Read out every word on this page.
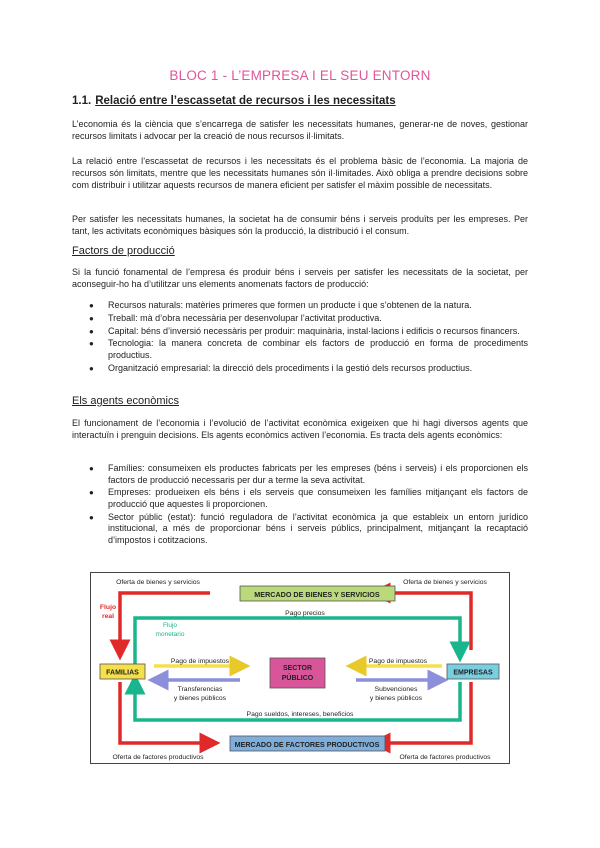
BLOC 1 - L’EMPRESA I EL SEU ENTORN
1.1. Relació entre l’escassetat de recursos i les necessitats
L’economia és la ciència que s’encarrega de satisfer les necessitats humanes, generar-ne de noves, gestionar recursos limitats i advocar per la creació de nous recursos il·limitats.
La relació entre l’escassetat de recursos i les necessitats és el problema bàsic de l’economia. La majoria de recursos són limitats, mentre que les necessitats humanes són il·limitades. Això obliga a prendre decisions sobre com distribuir i utilitzar aquests recursos de manera eficient per satisfer el màxim possible de necessitats.
Per satisfer les necessitats humanes, la societat ha de consumir béns i serveis produïts per les empreses. Per tant, les activitats econòmiques bàsiques són la producció, la distribució i el consum.
Factors de producció
Si la funció fonamental de l’empresa és produir béns i serveis per satisfer les necessitats de la societat, per aconseguir-ho ha d’utilitzar uns elements anomenats factors de producció:
● Recursos naturals: matèries primeres que formen un producte i que s’obtenen de la natura.
● Treball: mà d’obra necessària per desenvolupar l’activitat productiva.
● Capital: béns d’inversió necessàris per produir: maquinària, instal·lacions i edificis o recursos financers.
● Tecnologia: la manera concreta de combinar els factors de producció en forma de procediments productius.
● Organització empresarial: la direcció dels procediments i la gestió dels recursos productius.
Els agents econòmics
El funcionament de l’economia i l’evolució de l’activitat econòmica exigeixen que hi hagi diversos agents que interactuïn i prenguin decisions. Els agents econòmics activen l’economia. Es tracta dels agents econòmics:
● Famílies: consumeixen els productes fabricats per les empreses (béns i serveis) i els proporcionen els factors de producció necessaris per dur a terme la seva activitat.
● Empreses: produeixen els béns i els serveis que consumeixen les famílies mitjançant els factors de producció que aquestes li proporcionen.
● Sector públic (estat): funció reguladora de l’activitat econòmica ja que estableix un entorn jurídico institucional, a més de proporcionar béns i serveis públics, principalment, mitjançant la recaptació d’impostos i cotitzacions.
MERCADO DE BIENES Y SERVICIOS
MERCADO DE FACTORES PRODUCTIVOS
FAMILIAS	EMPRESAS
SECTOR
PÚBLICO
Oferta de bienes y servicios	Oferta de bienes y servicios
Flujo
real
Flujo
monetario
Pago precios
Pago de impuestos	Pago de impuestos
Transferencias
y bienes públicos
Subvenciones
y bienes públicos
Pago sueldos, intereses, beneficios
Oferta de factores productivos	Oferta de factores productivos
